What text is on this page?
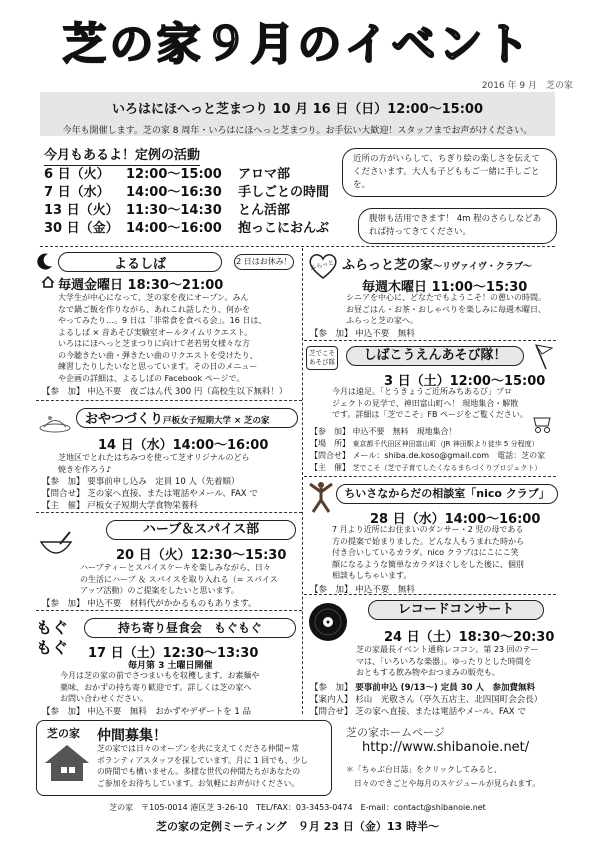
芝の家９月のイベント
2016 年 9 月　芝の家
いろはにほへっと芝まつり 10 月 16 日（日）12:00〜15:00
今年も開催します。芝の家 8 周年・いろはにほへっと芝まつり。お手伝い大歓迎！スタッフまでお声がけください。
今月もあるよ！定例の活動
6 日（火） 12:00〜15:00 アロマ部
7 日（水） 14:00〜16:30 手しごとの時間
13 日（火） 11:30〜14:30 とん活部
30 日（金） 14:00〜16:00 抱っこにおんぶ
近所の方がいらして、ちぎり絵の楽しさを伝えてくださいます。大人も子どももご一緒に手しごとを。
腹帯も活用できます！ 4m 程のさらしなどあれば持ってきてください。
よるしば	2 日はお休み！
毎週金曜日 18:30〜21:00
大学生が中心になって、芝の家を夜にオープン。みん
なで鍋ご飯を作りながら、あれこれ話したり、何かを
やってみたり…。9 日は「非常食を食べる会」。16 日は、
よるしば × 音あそび実験室オールタイムリクエスト。
いろはにほへっと芝まつりに向けて老若男女様々な方
の今聴きたい曲・弾きたい曲のリクエストを受けたり、
練習したりしたいなと思っています。その日のメニュー
や企画の詳細は、よるしばの Facebook ページで。
【参　加】 申込不要　夜ごはん代 300 円（高校生以下無料！）
おやつづくり戸板女子短期大学 × 芝の家
14 日（水）14:00〜16:00
芝地区でとれたはちみつを使って芝オリジナルのどら
焼きを作ろう♪
【参　加】 要事前申し込み　定員 10 人（先着順）
【問合せ】 芝の家へ直接、または電話やメール、FAX で
【主　催】 戸板女子短期大学食物栄養科
ハーブ＆スパイス部
20 日（火）12:30〜15:30
ハーブティーとスパイスケーキを楽しみながら、日々
の生活にハーブ ＆ スパイスを取り入れる（= スパイス
アップ活動）のご提案をしたいと思います。
【参　加】 申込不要　材料代がかかるものもあります。
もぐ もぐ
持ち寄り昼食会　もぐもぐ
17 日（土）12:30〜13:30
毎月第 3 土曜日開催
今月は芝の家の前でさつまいもを収穫します。お素麺や
薬味、おかずの持ち寄り歓迎です。詳しくは芝の家へ
お問い合わせください。
【参　加】 申込不要　無料　おかずやデザートを 1 品
ふらっと ふらっと芝の家〜リヴァイヴ・クラブ〜
毎週木曜日 11:00〜15:30
シニアを中心に、どなたでもようこそ！の憩いの時間。
お昼ごはん・お茶・おしゃべりを楽しみに毎週木曜日、
ふらっと芝の家へ。
【参　加】 申込不要　無料
芝でこそ あそび隊	しばこうえんあそび隊！
3 日（土）12:00〜15:00
今月は遠足。「とうきょうご近所みちあるび」プロ
ジェクトの見学で、神田富山町へ！ 現地集合・解散
です。詳細は「芝でこそ」FB ページをご覧ください。
【参　加】 申込不要　無料　現地集合！
【場　所】 東京都千代田区神田富山町（JR 神田駅より徒歩 5 分程度）
【問合せ】 メール：shiba.de.koso@gmail.com　電話：芝の家
【主　催】 芝でこそ（芝で子育てしたくなるまちづくりプロジェクト）
ちいさなからだの相談室「nico クラブ」
28 日（水）14:00〜16:00
7 月より近所にお住まいのダンサー・2 児の母である
方の提案で始まりました。どんな人もうまれた時から
付き合いしているカラダ。nico クラブはにこにこ笑
顔になるような簡単なカラダほぐしをした後に、個別
相談もしちゃいます。
【参　加】 申込不要　無料
レコードコンサート
24 日（土）18:30〜20:30
芝の家最長イベント通称レココン。第 23 回のテー
マは、「いろいろな楽器」。ゆったりとした時間を
おともする飲み物やおつまみの販売も。
【参　加】 要事前申込 (9/13〜) 定員 30 人　参加費無料
【案内人】 杉山　光敬さん（亭久五店主、北四国町会会長）
【問合せ】 芝の家へ直接、または電話やメール、FAX で
芝の家 仲間募集！
芝の家では日々のオープンを共に支えてくださる仲間＝常
ボランティアスタッフを探しています。月に 1 回でも、少し
の時間でも構いません。多様な世代の仲間たちがあなたの
ご参加をお待ちしています。お気軽にお声がけください。
芝の家ホームページ
http://www.shibanoie.net/
＊「ちゃぶ台日誌」をクリックしてみると、
日々のできごとや毎月のスケジュールが見られます。
芝の家　〒105-0014 港区芝 3-26-10　TEL/FAX：03-3453-0474　E-mail：contact@shibanoie.net
芝の家の定例ミーティング　９月 23 日（金）13 時半〜
